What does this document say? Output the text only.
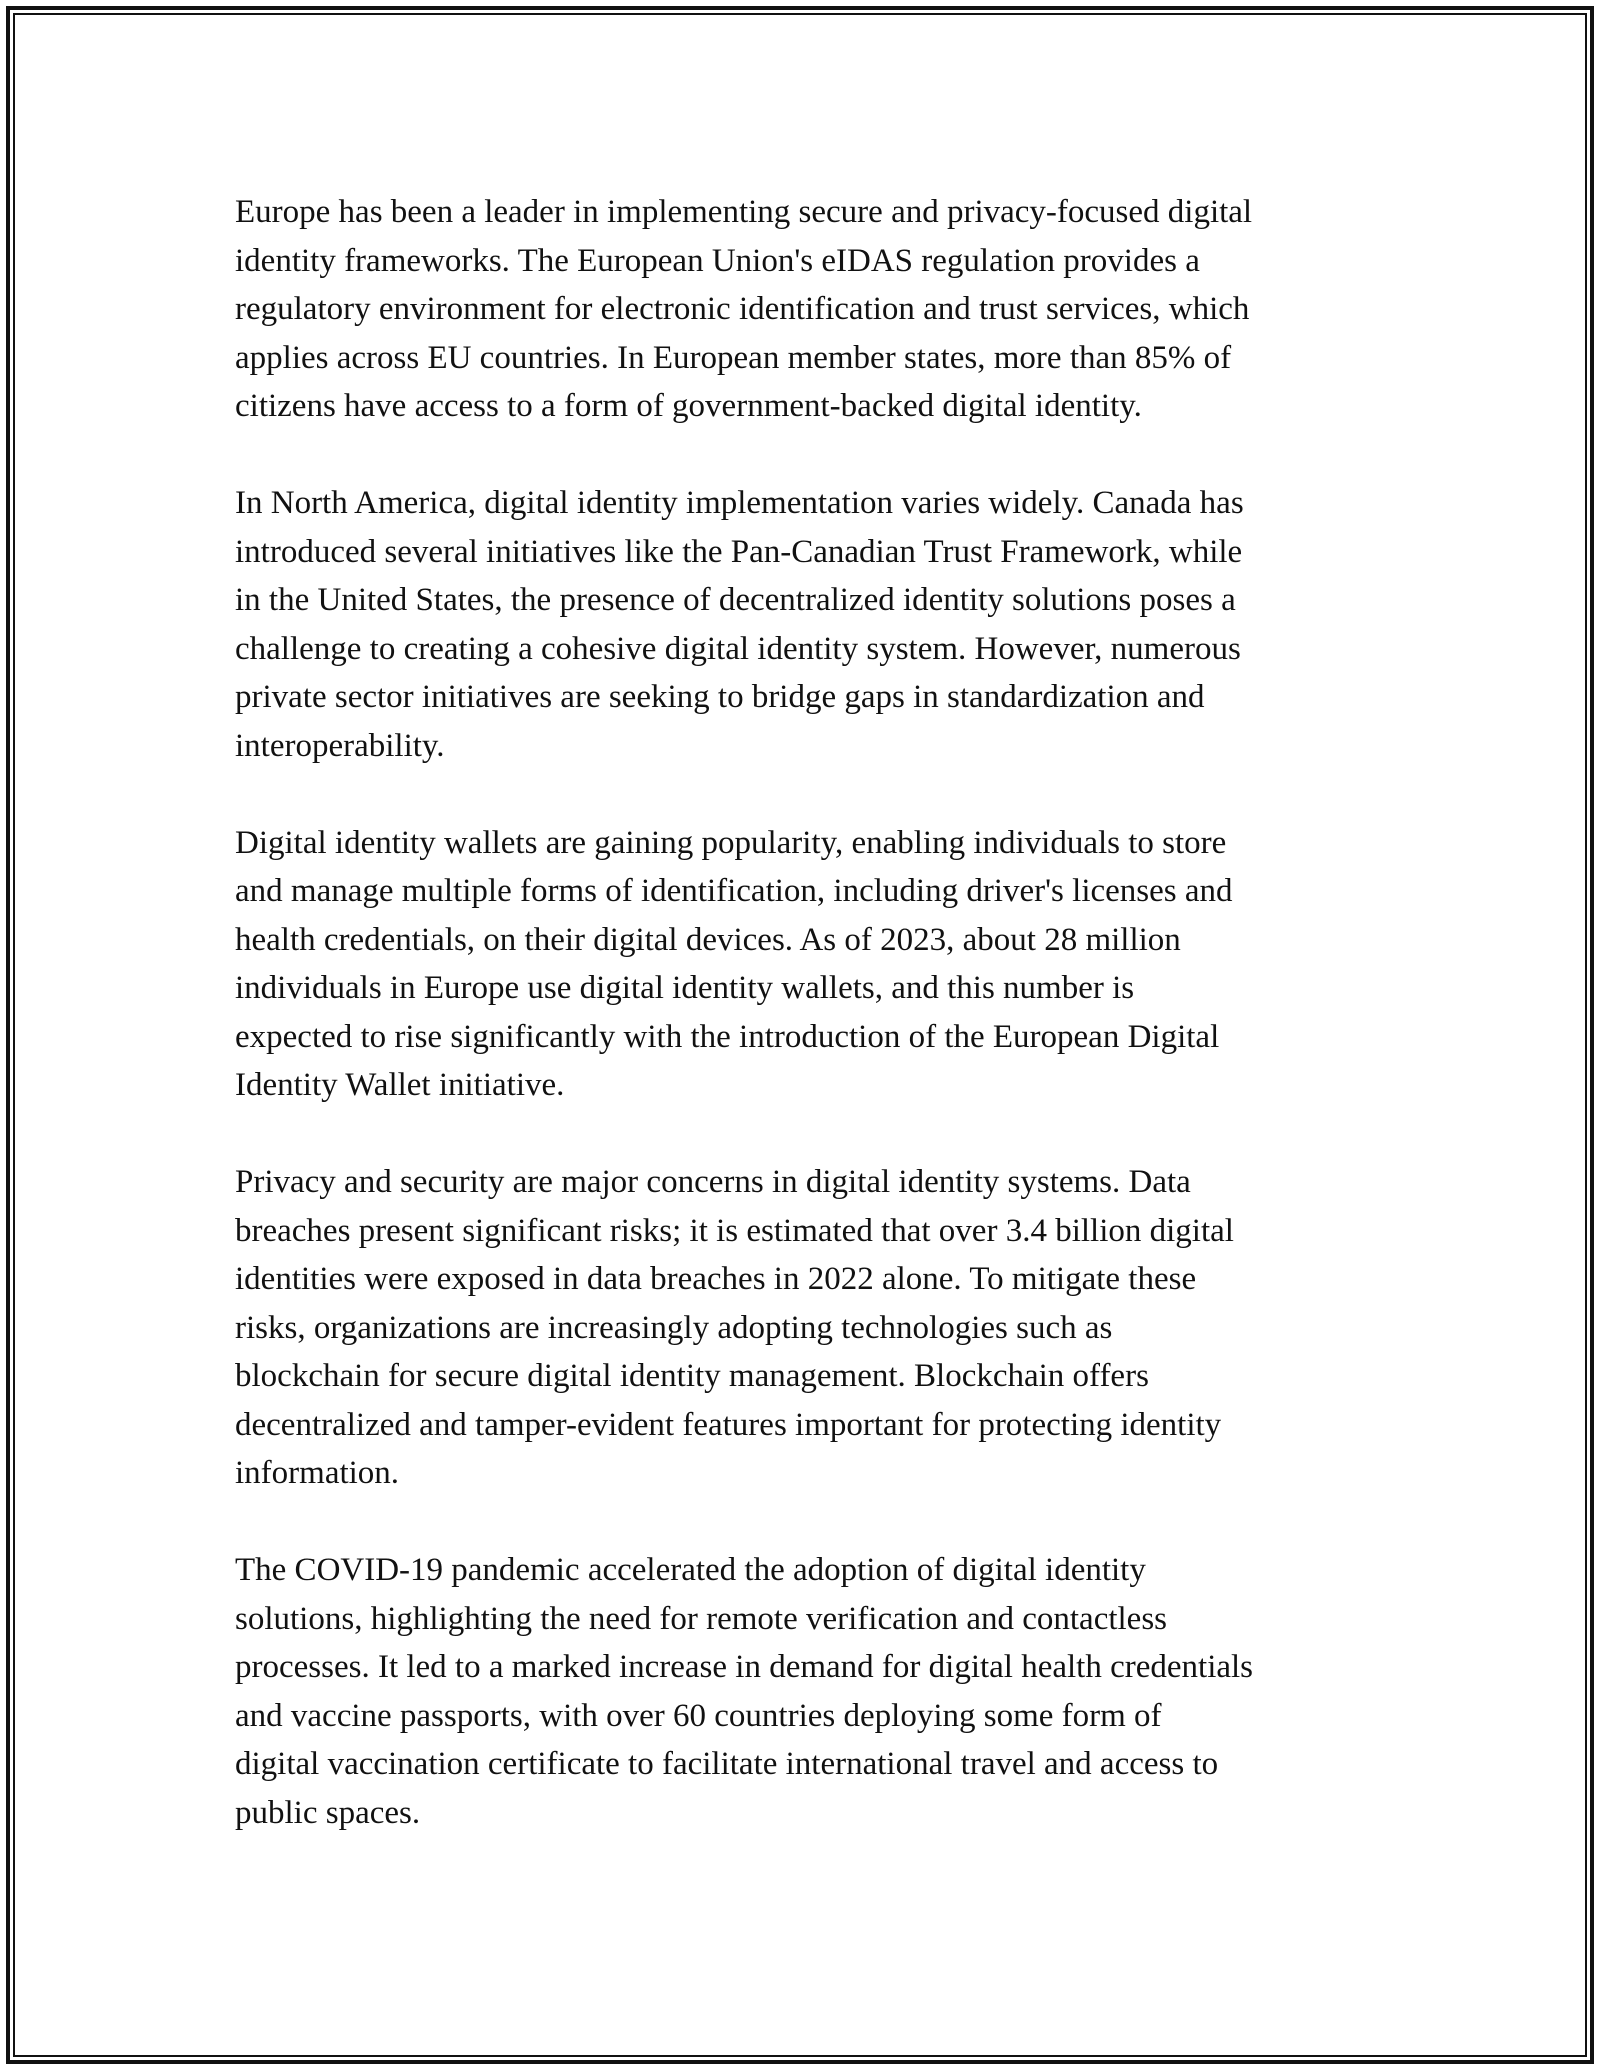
Europe has been a leader in implementing secure and privacy-focused digital
identity frameworks. The European Union's eIDAS regulation provides a
regulatory environment for electronic identification and trust services, which
applies across EU countries. In European member states, more than 85% of
citizens have access to a form of government-backed digital identity.

In North America, digital identity implementation varies widely. Canada has
introduced several initiatives like the Pan-Canadian Trust Framework, while
in the United States, the presence of decentralized identity solutions poses a
challenge to creating a cohesive digital identity system. However, numerous
private sector initiatives are seeking to bridge gaps in standardization and
interoperability.

Digital identity wallets are gaining popularity, enabling individuals to store
and manage multiple forms of identification, including driver's licenses and
health credentials, on their digital devices. As of 2023, about 28 million
individuals in Europe use digital identity wallets, and this number is
expected to rise significantly with the introduction of the European Digital
Identity Wallet initiative.

Privacy and security are major concerns in digital identity systems. Data
breaches present significant risks; it is estimated that over 3.4 billion digital
identities were exposed in data breaches in 2022 alone. To mitigate these
risks, organizations are increasingly adopting technologies such as
blockchain for secure digital identity management. Blockchain offers
decentralized and tamper-evident features important for protecting identity
information.

The COVID-19 pandemic accelerated the adoption of digital identity
solutions, highlighting the need for remote verification and contactless
processes. It led to a marked increase in demand for digital health credentials
and vaccine passports, with over 60 countries deploying some form of
digital vaccination certificate to facilitate international travel and access to
public spaces.
